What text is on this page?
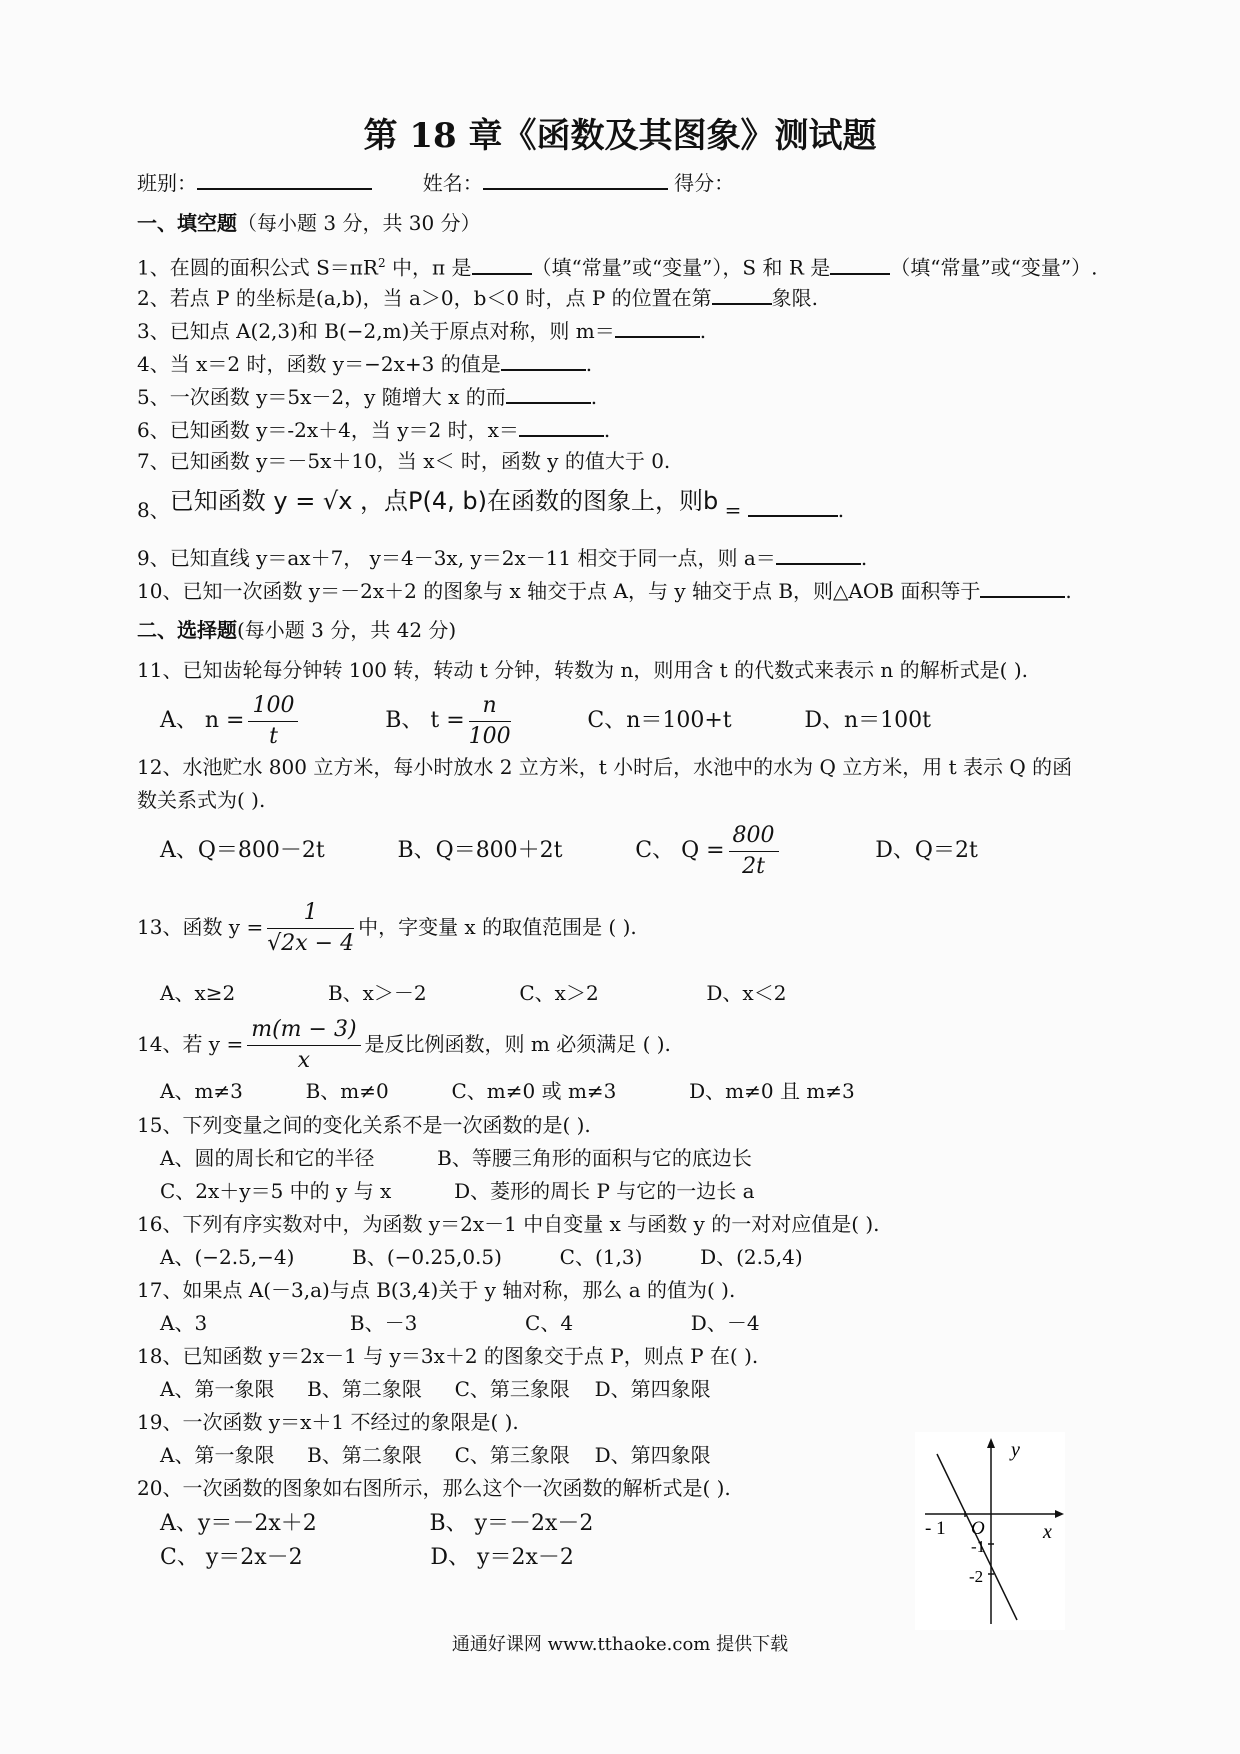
第 18 章《函数及其图象》测试题
班别：	姓名：	得分：
一、填空题（每小题 3 分，共 30 分）
1、在圆的面积公式 $S=\pi R^2$ 中，π 是	（填“常量”或“变量”），S 和 R 是	（填“常量”或“变量”）.
2、若点 P 的坐标是(a,b)，当 a＞0，b＜0 时，点 P 的位置在第	象限.
3、已知点 A(2,3)和 B(−2,m)关于原点对称，则 m＝	.
4、当 x＝2 时，函数 y＝−2x+3 的值是	.
5、一次函数 y＝5x－2，y 随增大 x 的而	.
6、已知函数 y＝-2x＋4，当 y＝2 时，x＝	.
7、已知函数 y＝－5x＋10，当 x＜ 时，函数 y 的值大于 0.
8、已知函数 y = √x ，点P(4, b)在函数的图象上，则b =	.
9、已知直线 y＝ax＋7， y＝4－3x, y＝2x－11 相交于同一点，则 a＝	.
10、已知一次函数 y＝－2x＋2 的图象与 x 轴交于点 A，与 y 轴交于点 B，则△AOB 面积等于	.
二、选择题(每小题 3 分，共 42 分)
11、已知齿轮每分钟转 100 转，转动 t 分钟，转数为 n，则用含 t 的代数式来表示 n 的解析式是( ).
A、 $n = \frac{100}{t}$	B、 $t = \frac{n}{100}$	C、n＝100+t	D、n＝100t
12、水池贮水 800 立方米，每小时放水 2 立方米，t 小时后，水池中的水为 Q 立方米，用 t 表示 Q 的函
数关系式为( ).
A、Q＝800－2t	B、Q＝800＋2t	C、 $Q = \frac{800}{2t}$	D、Q＝2t
13、函数 $y = \frac{1}{√2x - 4}$ 中，字变量 x 的取值范围是 ( ).
A、x≥2	B、x＞－2	C、x＞2	D、x＜2
14、若 $y = \frac{m(m - 3)}{x}$ 是反比例函数，则 m 必须满足 ( ).
A、m≠3	B、m≠0	C、m≠0 或 m≠3	D、m≠0 且 m≠3
15、下列变量之间的变化关系不是一次函数的是( ).
A、圆的周长和它的半径	B、等腰三角形的面积与它的底边长
C、2x＋y＝5 中的 y 与 x	D、菱形的周长 P 与它的一边长 a
16、下列有序实数对中，为函数 y＝2x－1 中自变量 x 与函数 y 的一对对应值是( ).
A、(−2.5,−4)	B、(−0.25,0.5)	C、(1,3)	D、(2.5,4)
17、如果点 A(－3,a)与点 B(3,4)关于 y 轴对称，那么 a 的值为( ).
A、3	B、－3	C、4	D、－4
18、已知函数 y＝2x－1 与 y＝3x＋2 的图象交于点 P，则点 P 在( ).
A、第一象限 B、第二象限 C、第三象限 D、第四象限
19、一次函数 y＝x＋1 不经过的象限是( ).
A、第一象限 B、第二象限 C、第三象限 D、第四象限
20、一次函数的图象如右图所示，那么这个一次函数的解析式是( ).
A、y＝－2x＋2	B、 y＝－2x－2
C、 y＝2x－2	D、 y＝2x－2
y
x
O
- 1
-1
-2
通通好课网 www.tthaoke.com 提供下载
